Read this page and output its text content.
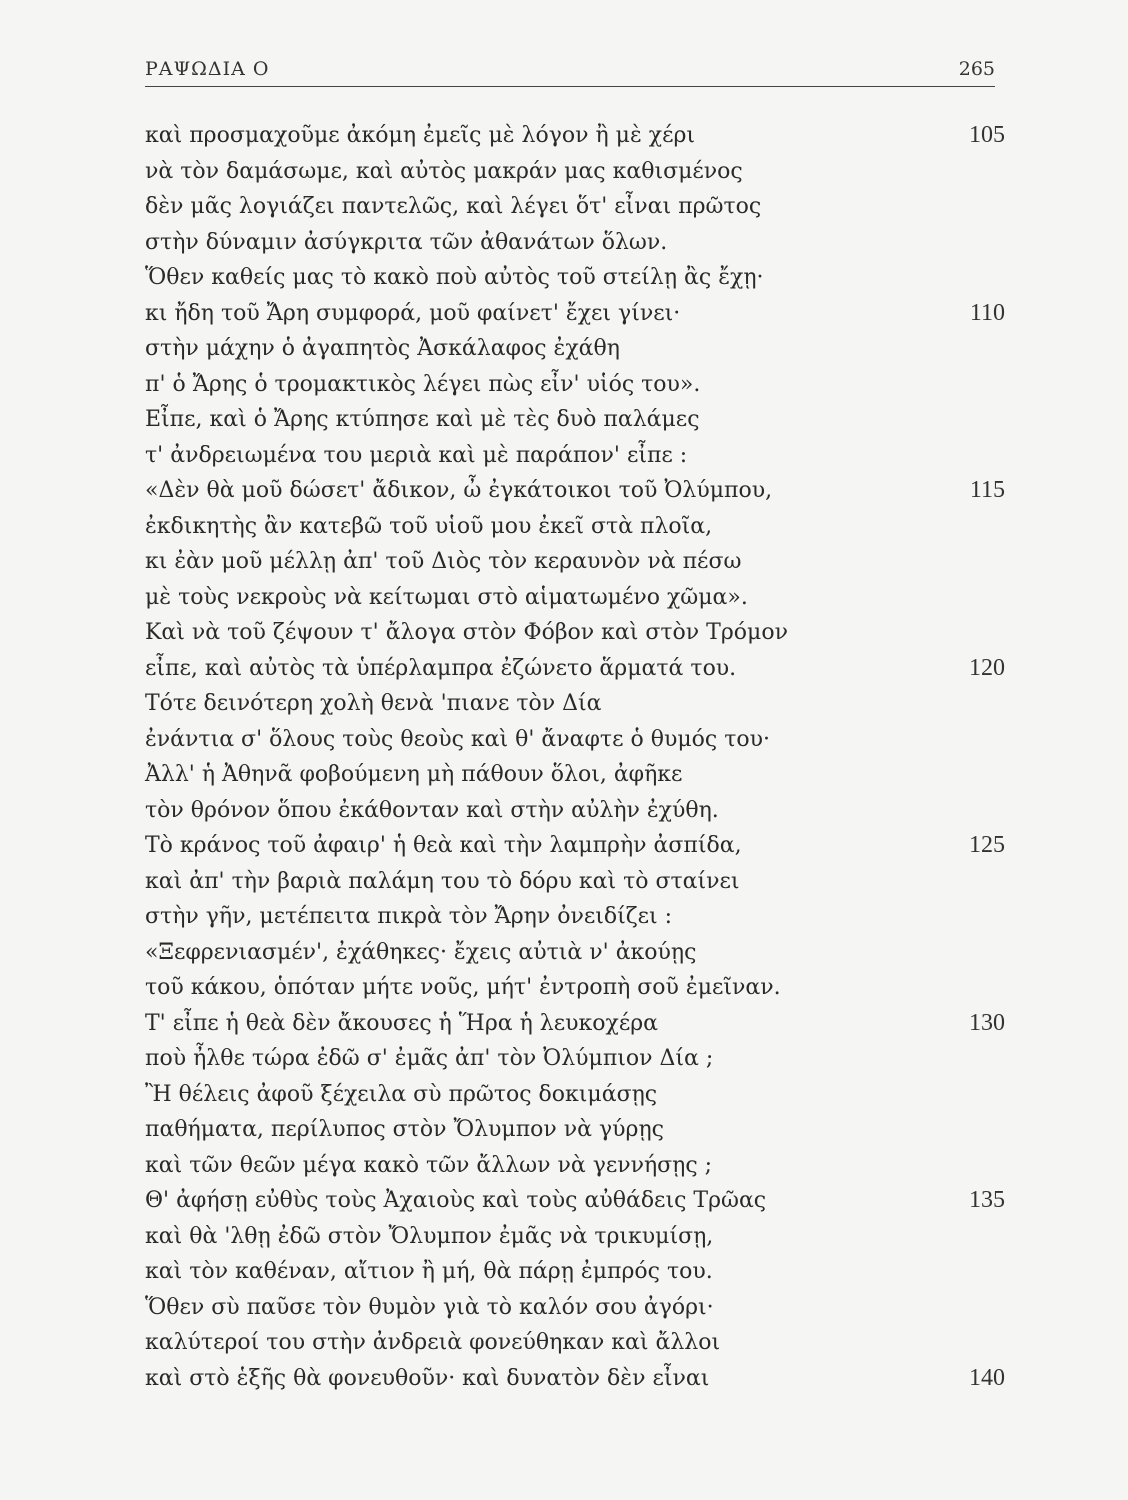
ΡΑΨΩΔΙΑ Ο	265
καὶ προσμαχοῦμε ἀκόμη ἐμεῖς μὲ λόγον ἢ μὲ χέρι	105
νὰ τὸν δαμάσωμε, καὶ αὐτὸς μακράν μας καθισμένος
δὲν μᾶς λογιάζει παντελῶς, καὶ λέγει ὅτ' εἶναι πρῶτος
στὴν δύναμιν ἀσύγκριτα τῶν ἀθανάτων ὅλων.
Ὅθεν καθείς μας τὸ κακὸ ποὺ αὐτὸς τοῦ στείλῃ ἂς ἔχῃ·
κι ἤδη τοῦ Ἄρη συμφορά, μοῦ φαίνετ' ἔχει γίνει·	110
στὴν μάχην ὁ ἀγαπητὸς Ἀσκάλαφος ἐχάθη
π' ὁ Ἄρης ὁ τρομακτικὸς λέγει πὼς εἶν' υἱός του».
Εἶπε, καὶ ὁ Ἄρης κτύπησε καὶ μὲ τὲς δυὸ παλάμες
τ' ἀνδρειωμένα του μεριὰ καὶ μὲ παράπον' εἶπε :
«Δὲν θὰ μοῦ δώσετ' ἄδικον, ὦ ἐγκάτοικοι τοῦ Ὀλύμπου,	115
ἐκδικητὴς ἂν κατεβῶ τοῦ υἱοῦ μου ἐκεῖ στὰ πλοῖα,
κι ἐὰν μοῦ μέλλῃ ἀπ' τοῦ Διὸς τὸν κεραυνὸν νὰ πέσω
μὲ τοὺς νεκροὺς νὰ κείτωμαι στὸ αἱματωμένο χῶμα».
Καὶ νὰ τοῦ ζέψουν τ' ἄλογα στὸν Φόβον καὶ στὸν Τρόμον
εἶπε, καὶ αὐτὸς τὰ ὑπέρλαμπρα ἐζώνετο ἅρματά του.	120
Τότε δεινότερη χολὴ θενὰ 'πιανε τὸν Δία
ἐνάντια σ' ὅλους τοὺς θεοὺς καὶ θ' ἄναφτε ὁ θυμός του·
Ἀλλ' ἡ Ἀθηνᾶ φοβούμενη μὴ πάθουν ὅλοι, ἀφῆκε
τὸν θρόνον ὅπου ἐκάθονταν καὶ στὴν αὐλὴν ἐχύθη.
Τὸ κράνος τοῦ ἀφαιρ' ἡ θεὰ καὶ τὴν λαμπρὴν ἀσπίδα,	125
καὶ ἀπ' τὴν βαριὰ παλάμη του τὸ δόρυ καὶ τὸ σταίνει
στὴν γῆν, μετέπειτα πικρὰ τὸν Ἄρην ὀνειδίζει :
«Ξεφρενιασμέν', ἐχάθηκες· ἔχεις αὐτιὰ ν' ἀκούῃς
τοῦ κάκου, ὁπόταν μήτε νοῦς, μήτ' ἐντροπὴ σοῦ ἐμεῖναν.
Τ' εἶπε ἡ θεὰ δὲν ἄκουσες ἡ Ἥρα ἡ λευκοχέρα	130
ποὺ ἦλθε τώρα ἐδῶ σ' ἐμᾶς ἀπ' τὸν Ὀλύμπιον Δία ;
Ἢ θέλεις ἀφοῦ ξέχειλα σὺ πρῶτος δοκιμάσῃς
παθήματα, περίλυπος στὸν Ὄλυμπον νὰ γύρῃς
καὶ τῶν θεῶν μέγα κακὸ τῶν ἄλλων νὰ γεννήσῃς ;
Θ' ἀφήσῃ εὐθὺς τοὺς Ἀχαιοὺς καὶ τοὺς αὐθάδεις Τρῶας	135
καὶ θὰ 'λθῃ ἐδῶ στὸν Ὄλυμπον ἐμᾶς νὰ τρικυμίσῃ,
καὶ τὸν καθέναν, αἴτιον ἢ μή, θὰ πάρῃ ἐμπρός του.
Ὅθεν σὺ παῦσε τὸν θυμὸν γιὰ τὸ καλόν σου ἀγόρι·
καλύτεροί του στὴν ἀνδρειὰ φονεύθηκαν καὶ ἄλλοι
καὶ στὸ ἑξῆς θὰ φονευθοῦν· καὶ δυνατὸν δὲν εἶναι	140
